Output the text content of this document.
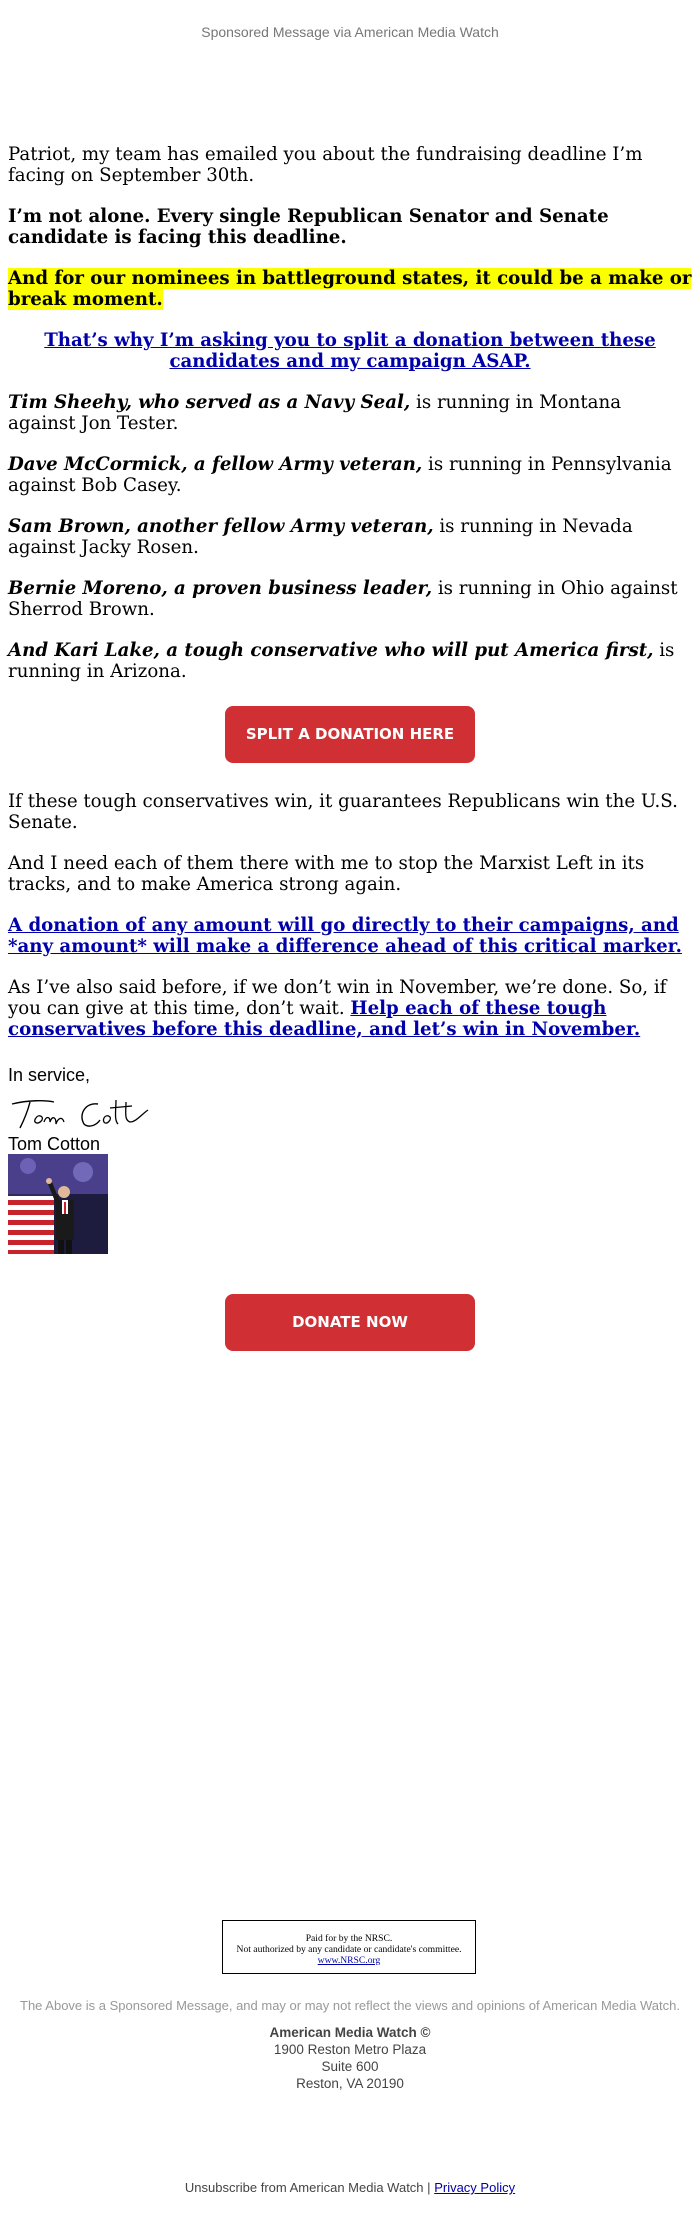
Sponsored Message via American Media Watch

Patriot, my team has emailed you about the fundraising deadline I’m facing on September 30th.

I’m not alone. Every single Republican Senator and Senate candidate is facing this deadline.

And for our nominees in battleground states, it could be a make or break moment.

That’s why I’m asking you to split a donation between these candidates and my campaign ASAP.

Tim Sheehy, who served as a Navy Seal, is running in Montana against Jon Tester.

Dave McCormick, a fellow Army veteran, is running in Pennsylvania against Bob Casey.

Sam Brown, another fellow Army veteran, is running in Nevada against Jacky Rosen.

Bernie Moreno, a proven business leader, is running in Ohio against Sherrod Brown.

And Kari Lake, a tough conservative who will put America first, is running in Arizona.

SPLIT A DONATION HERE

If these tough conservatives win, it guarantees Republicans win the U.S. Senate.

And I need each of them there with me to stop the Marxist Left in its tracks, and to make America strong again.

A donation of any amount will go directly to their campaigns, and *any amount* will make a difference ahead of this critical marker.

As I’ve also said before, if we don’t win in November, we’re done. So, if you can give at this time, don’t wait. Help each of these tough conservatives before this deadline, and let’s win in November.

In service,
Tom Cotton
DONATE NOW
Paid for by the NRSC.
Not authorized by any candidate or candidate's committee.
www.NRSC.org
The Above is a Sponsored Message, and may or may not reflect the views and opinions of American Media Watch.
American Media Watch ©
1900 Reston Metro Plaza
Suite 600
Reston, VA 20190
Unsubscribe from American Media Watch | Privacy Policy
